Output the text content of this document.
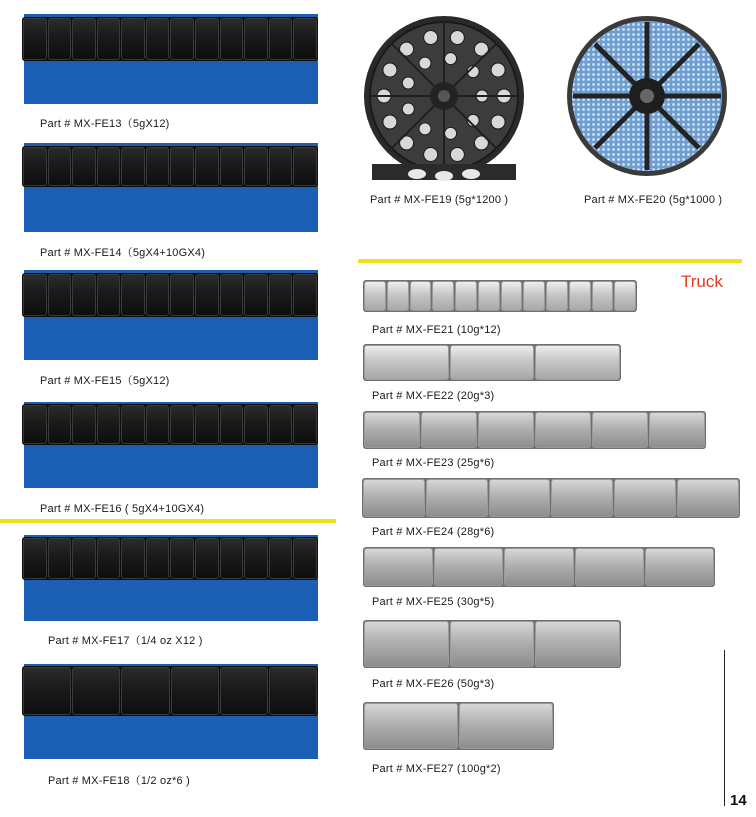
Part # MX-FE13（5gX12)
Part # MX-FE14（5gX4+10GX4)
Part # MX-FE15（5gX12)
Part # MX-FE16 ( 5gX4+10GX4)
Part # MX-FE17（1/4 oz X12 )
Part # MX-FE18（1/2 oz*6 )
Part # MX-FE19 (5g*1200 )	Part # MX-FE20 (5g*1000 )
Truck
Part # MX-FE21 (10g*12)
Part # MX-FE22 (20g*3)
Part # MX-FE23 (25g*6)
Part # MX-FE24 (28g*6)
Part # MX-FE25 (30g*5)
Part # MX-FE26 (50g*3)
Part # MX-FE27 (100g*2)
14
